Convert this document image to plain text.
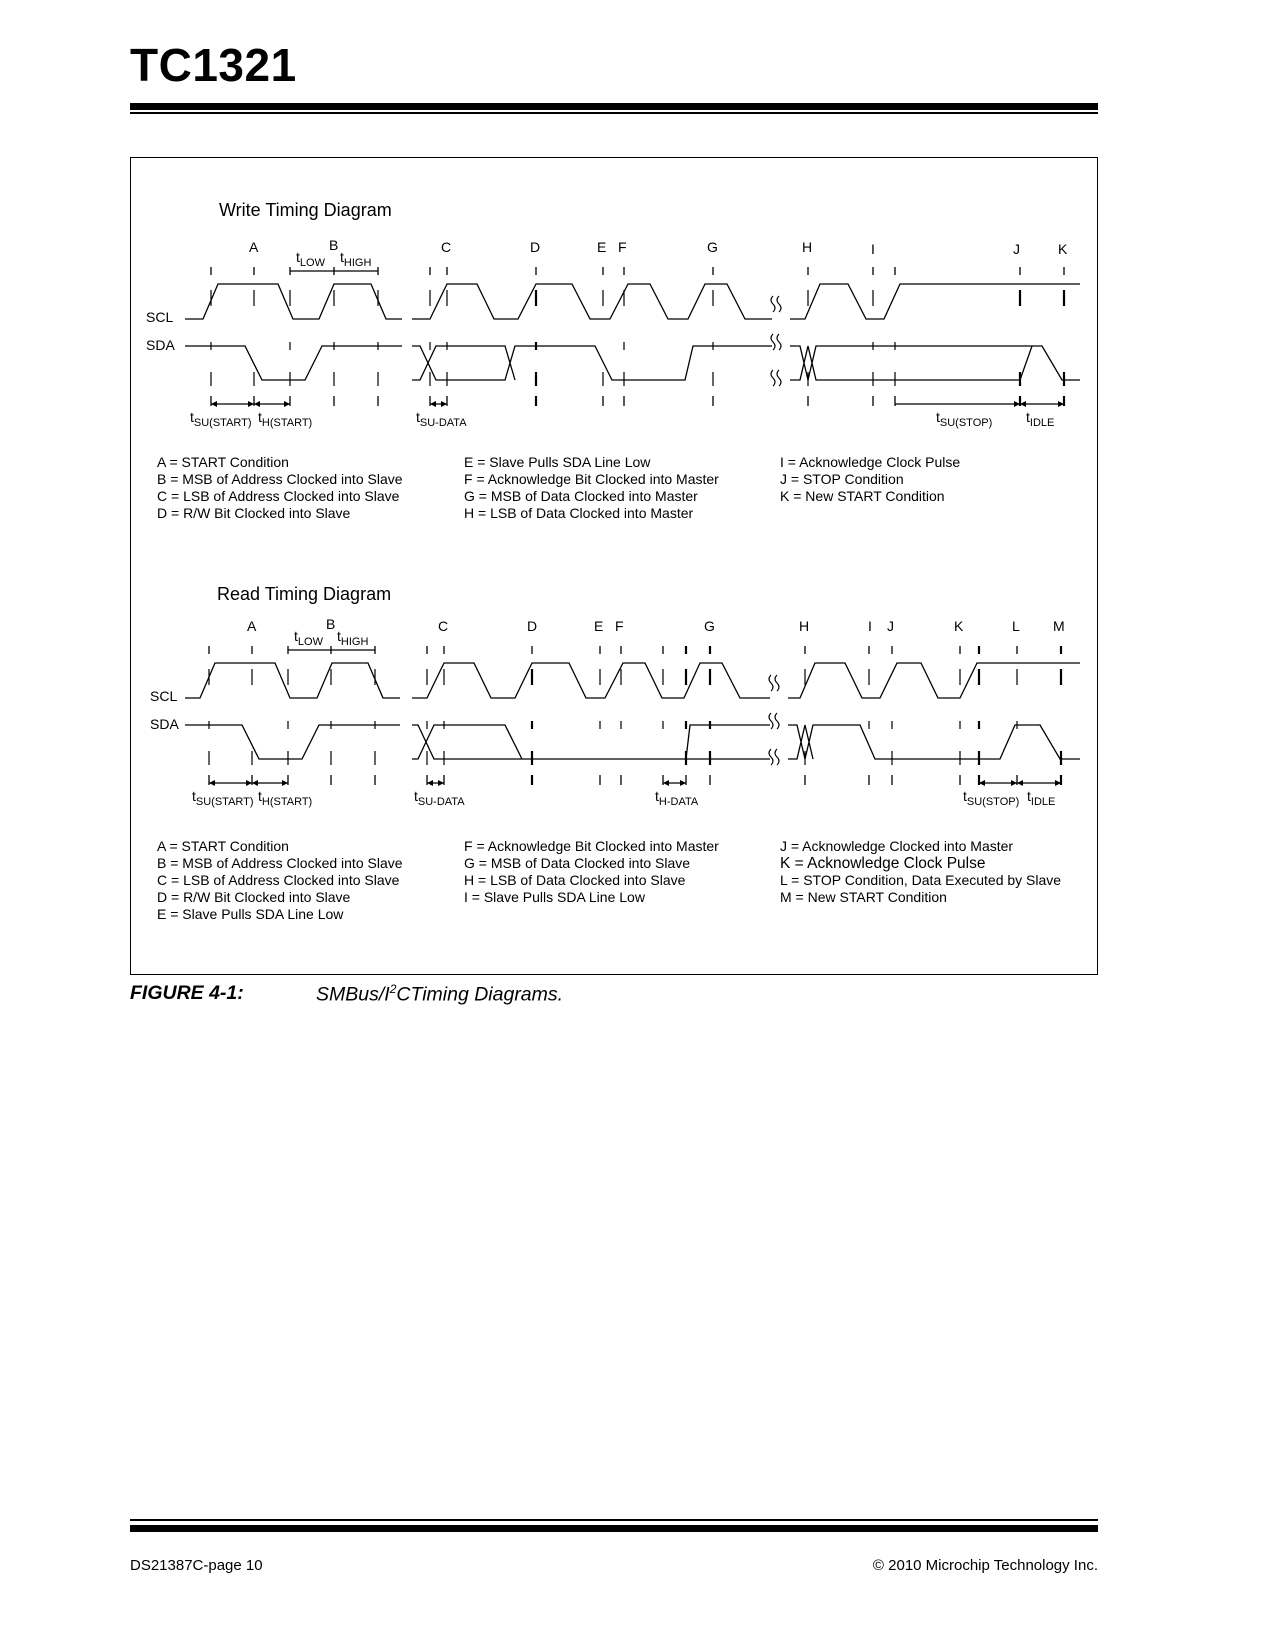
TC1321
Write Timing Diagram
A	B	C	D	E F	G	H	I	J	K
SCL
SDA
$t_{LOW}$ $t_{HIGH}$
$t_{SU(START)}$ $t_{H(START)}$	$t_{SU-DATA}$	$t_{SU(STOP)}$ $t_{IDLE}$
A = START Condition
B = MSB of Address Clocked into Slave
C = LSB of Address Clocked into Slave
D = R/W Bit Clocked into Slave
E = Slave Pulls SDA Line Low
F = Acknowledge Bit Clocked into Master
G = MSB of Data Clocked into Master
H = LSB of Data Clocked into Master
I = Acknowledge Clock Pulse
J = STOP Condition
K = New START Condition
Read Timing Diagram
A	B	C	D	E F	G	H	I J	K	L M
SCL
SDA
$t_{LOW}$ $t_{HIGH}$
$t_{SU(START)}$ $t_{H(START)}$	$t_{SU-DATA}$	$t_{H-DATA}$	$t_{SU(STOP)}$ $t_{IDLE}$
A = START Condition
B = MSB of Address Clocked into Slave
C = LSB of Address Clocked into Slave
D = R/W Bit Clocked into Slave
E = Slave Pulls SDA Line Low
F = Acknowledge Bit Clocked into Master
G = MSB of Data Clocked into Slave
H = LSB of Data Clocked into Slave
I = Slave Pulls SDA Line Low
J = Acknowledge Clocked into Master
K = Acknowledge Clock Pulse
L = STOP Condition, Data Executed by Slave
M = New START Condition
FIGURE 4-1:	SMBus/$I^2CTiming$ Diagrams.
DS21387C-page 10	© 2010 Microchip Technology Inc.
